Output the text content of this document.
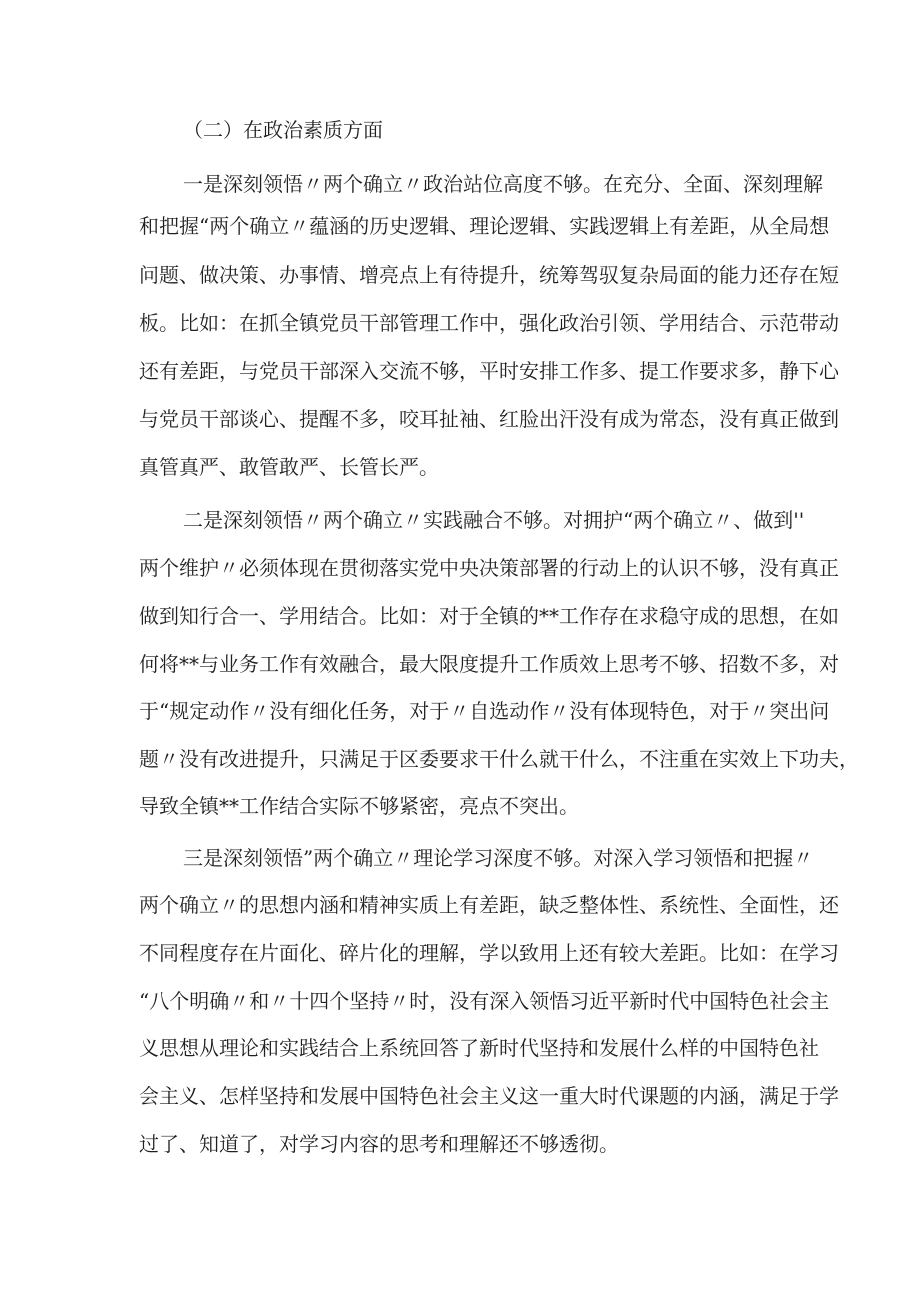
（二）在政治素质方面
一是深刻领悟〃两个确立〃政治站位高度不够。在充分、全面、深刻理解
和把握“两个确立〃蕴涵的历史逻辑、理论逻辑、实践逻辑上有差距，从全局想
问题、做决策、办事情、增亮点上有待提升，统筹驾驭复杂局面的能力还存在短
板。比如：在抓全镇党员干部管理工作中，强化政治引领、学用结合、示范带动
还有差距，与党员干部深入交流不够，平时安排工作多、提工作要求多，静下心
与党员干部谈心、提醒不多，咬耳扯袖、红脸出汗没有成为常态，没有真正做到
真管真严、敢管敢严、长管长严。
二是深刻领悟〃两个确立〃实践融合不够。对拥护“两个确立〃、做到''
两个维护〃必须体现在贯彻落实党中央决策部署的行动上的认识不够，没有真正
做到知行合一、学用结合。比如：对于全镇的**工作存在求稳守成的思想，在如
何将**与业务工作有效融合，最大限度提升工作质效上思考不够、招数不多，对
于“规定动作〃没有细化任务，对于〃自选动作〃没有体现特色，对于〃突出问
题〃没有改进提升，只满足于区委要求干什么就干什么，不注重在实效上下功夫，
导致全镇**工作结合实际不够紧密，亮点不突出。
三是深刻领悟”两个确立〃理论学习深度不够。对深入学习领悟和把握〃
两个确立〃的思想内涵和精神实质上有差距，缺乏整体性、系统性、全面性，还
不同程度存在片面化、碎片化的理解，学以致用上还有较大差距。比如：在学习
“八个明确〃和〃十四个坚持〃时，没有深入领悟习近平新时代中国特色社会主
义思想从理论和实践结合上系统回答了新时代坚持和发展什么样的中国特色社
会主义、怎样坚持和发展中国特色社会主义这一重大时代课题的内涵，满足于学
过了、知道了，对学习内容的思考和理解还不够透彻。
